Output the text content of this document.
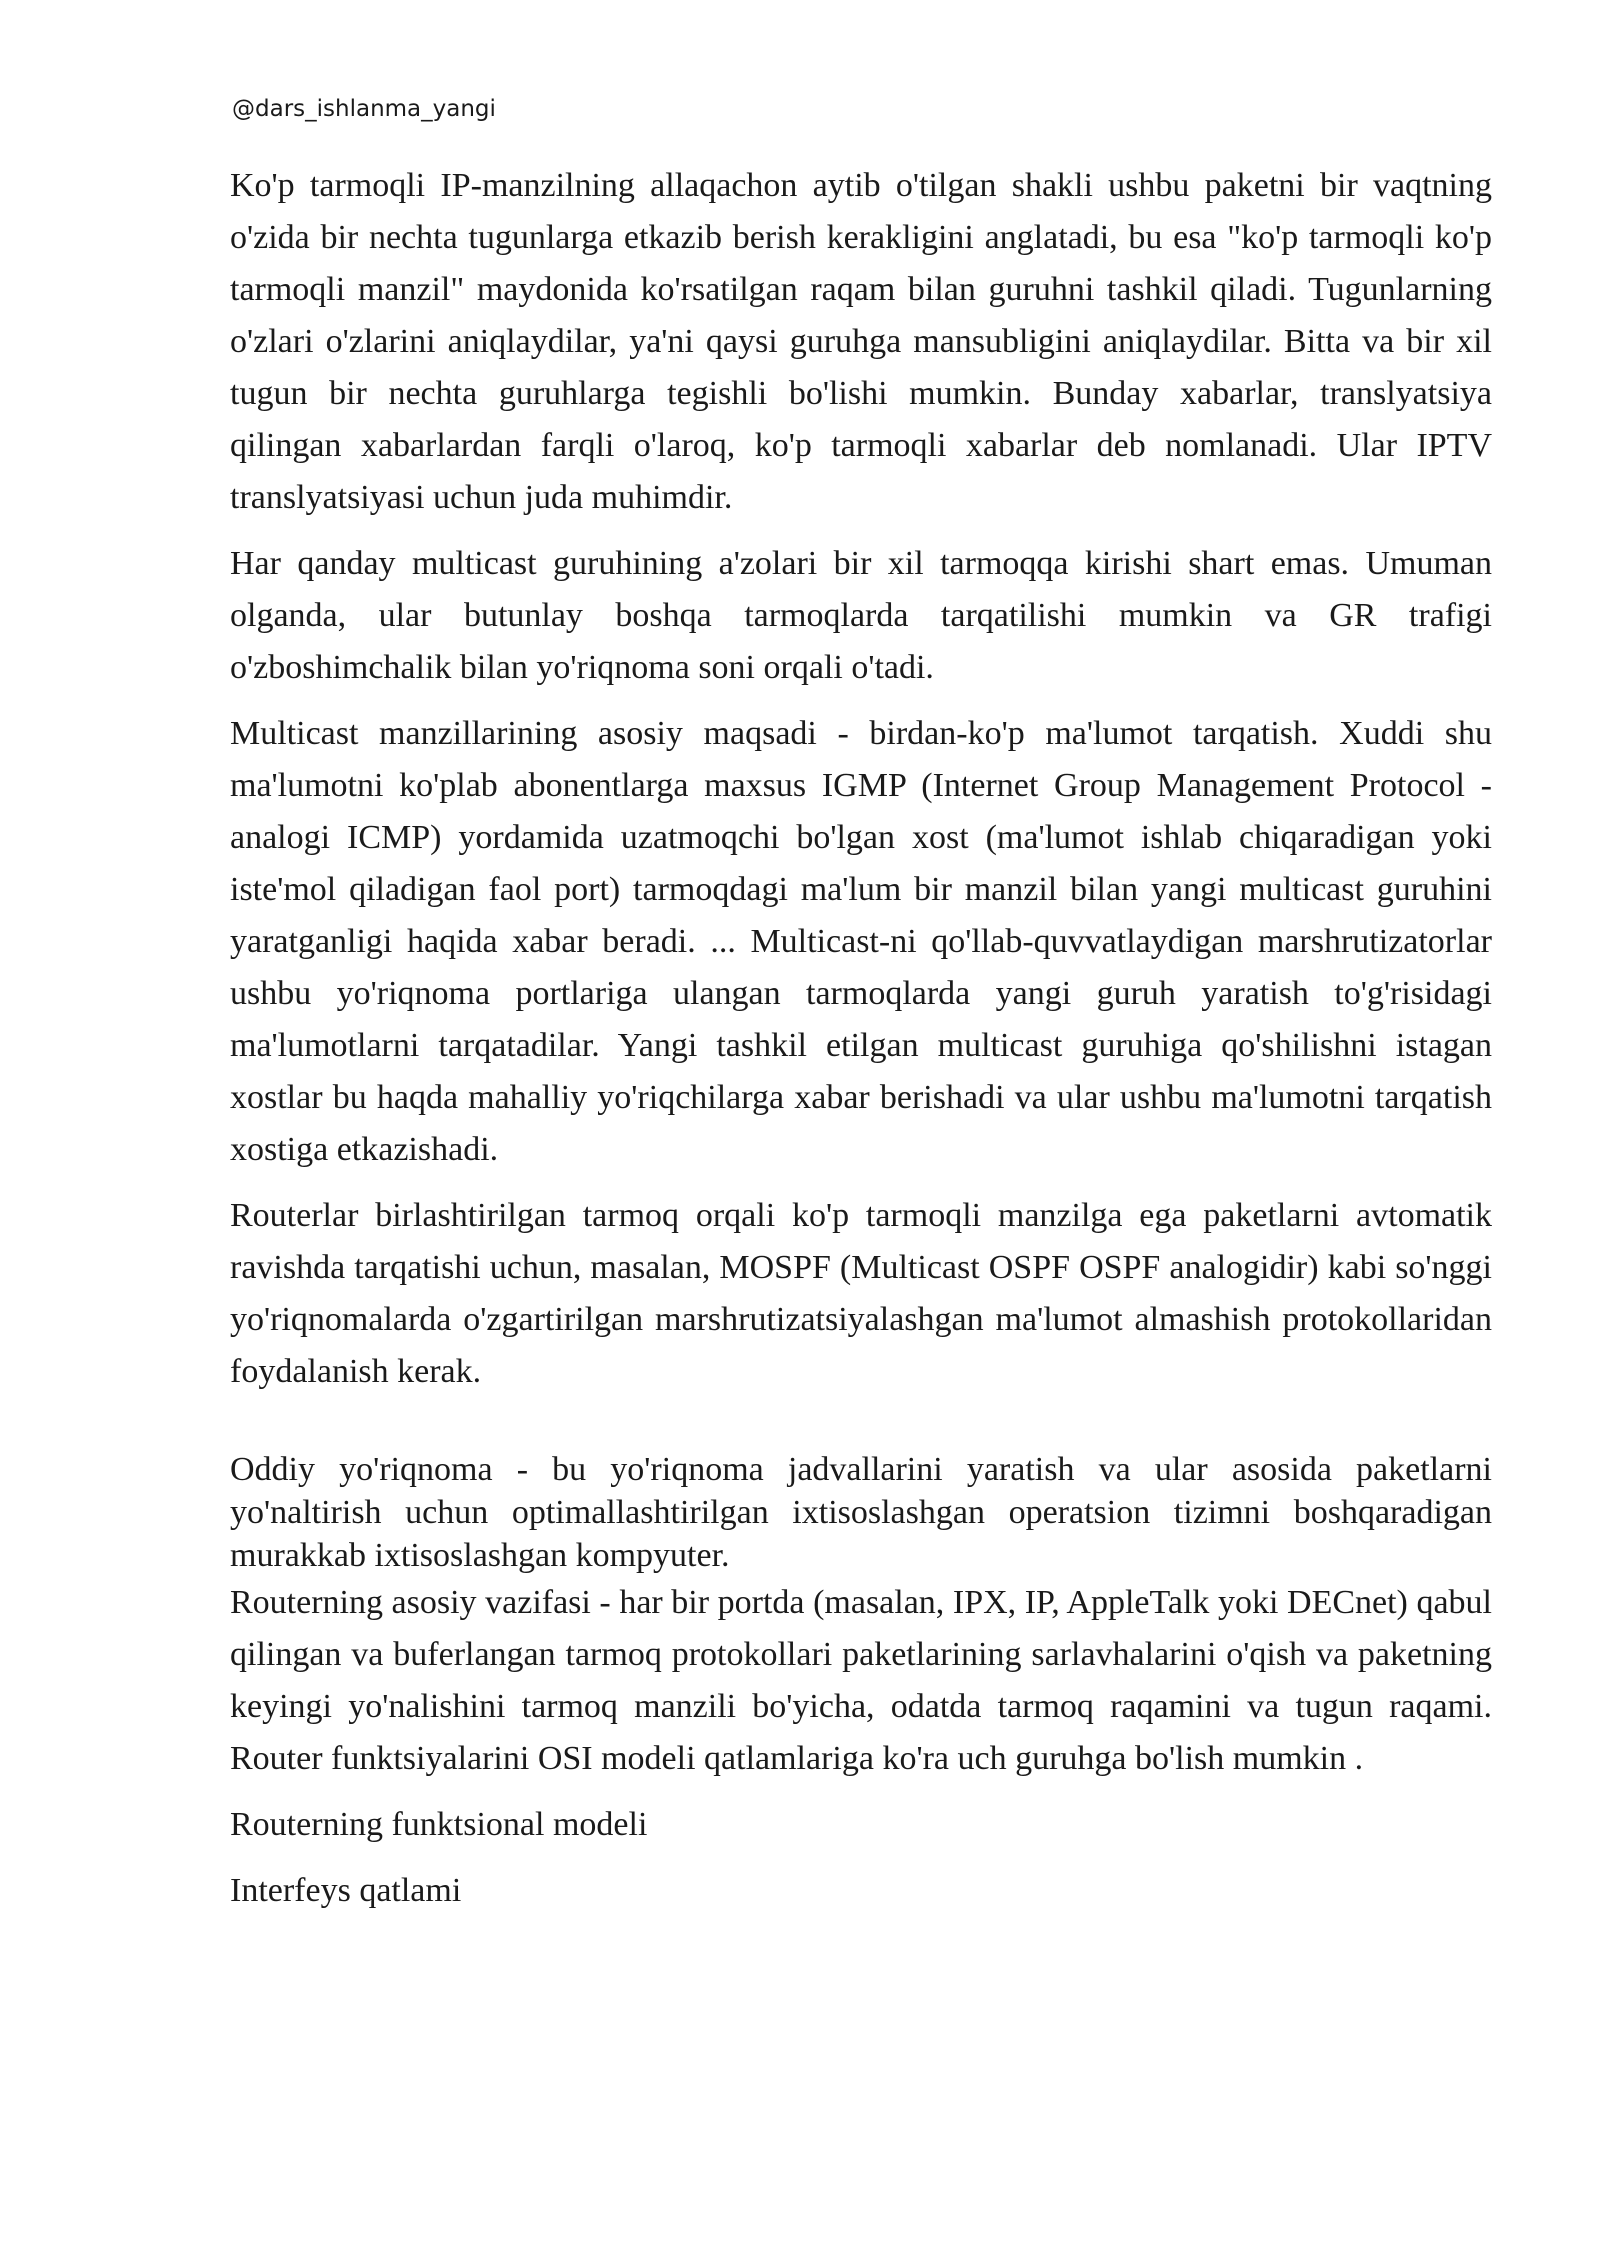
@dars_ishlanma_yangi

Ko'p tarmoqli IP-manzilning allaqachon aytib o'tilgan shakli ushbu paketni bir vaqtning o'zida bir nechta tugunlarga etkazib berish kerakligini anglatadi, bu esa "ko'p tarmoqli ko'p tarmoqli manzil" maydonida ko'rsatilgan raqam bilan guruhni tashkil qiladi. Tugunlarning o'zlari o'zlarini aniqlaydilar, ya'ni qaysi guruhga mansubligini aniqlaydilar. Bitta va bir xil tugun bir nechta guruhlarga tegishli bo'lishi mumkin. Bunday xabarlar, translyatsiya qilingan xabarlardan farqli o'laroq, ko'p tarmoqli xabarlar deb nomlanadi. Ular IPTV translyatsiyasi uchun juda muhimdir.

Har qanday multicast guruhining a'zolari bir xil tarmoqqa kirishi shart emas. Umuman olganda, ular butunlay boshqa tarmoqlarda tarqatilishi mumkin va GR trafigi o'zboshimchalik bilan yo'riqnoma soni orqali o'tadi.

Multicast manzillarining asosiy maqsadi - birdan-ko'p ma'lumot tarqatish. Xuddi shu ma'lumotni ko'plab abonentlarga maxsus IGMP (Internet Group Management Protocol - analogi ICMP) yordamida uzatmoqchi bo'lgan xost (ma'lumot ishlab chiqaradigan yoki iste'mol qiladigan faol port) tarmoqdagi ma'lum bir manzil bilan yangi multicast guruhini yaratganligi haqida xabar beradi. ... Multicast-ni qo'llab-quvvatlaydigan marshrutizatorlar ushbu yo'riqnoma portlariga ulangan tarmoqlarda yangi guruh yaratish to'g'risidagi ma'lumotlarni tarqatadilar. Yangi tashkil etilgan multicast guruhiga qo'shilishni istagan xostlar bu haqda mahalliy yo'riqchilarga xabar berishadi va ular ushbu ma'lumotni tarqatish xostiga etkazishadi.

Routerlar birlashtirilgan tarmoq orqali ko'p tarmoqli manzilga ega paketlarni avtomatik ravishda tarqatishi uchun, masalan, MOSPF (Multicast OSPF OSPF analogidir) kabi so'nggi yo'riqnomalarda o'zgartirilgan marshrutizatsiyalashgan ma'lumot almashish protokollaridan foydalanish kerak.

Oddiy yo'riqnoma - bu yo'riqnoma jadvallarini yaratish va ular asosida paketlarni yo'naltirish uchun optimallashtirilgan ixtisoslashgan operatsion tizimni boshqaradigan murakkab ixtisoslashgan kompyuter.

Routerning asosiy vazifasi - har bir portda (masalan, IPX, IP, AppleTalk yoki DECnet) qabul qilingan va buferlangan tarmoq protokollari paketlarining sarlavhalarini o'qish va paketning keyingi yo'nalishini tarmoq manzili bo'yicha, odatda tarmoq raqamini va tugun raqami. Router funktsiyalarini OSI modeli qatlamlariga ko'ra uch guruhga bo'lish mumkin .

Routerning funktsional modeli

Interfeys qatlami
